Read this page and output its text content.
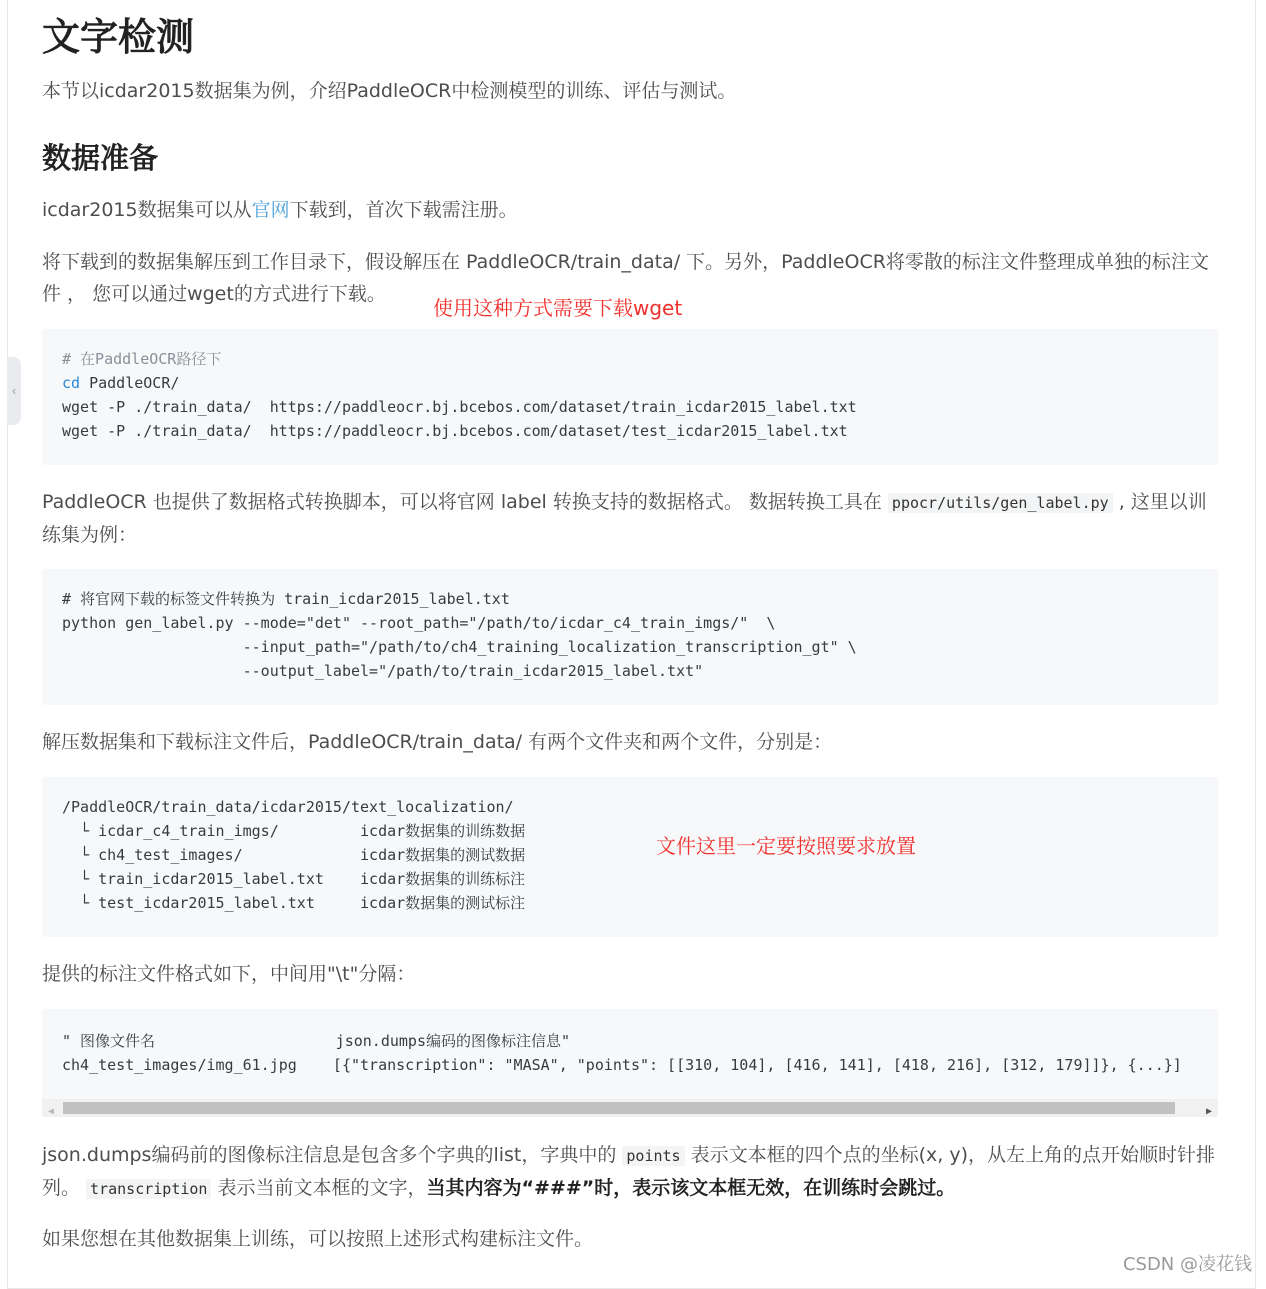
‹
文字检测
本节以icdar2015数据集为例，介绍PaddleOCR中检测模型的训练、评估与测试。
数据准备
icdar2015数据集可以从官网下载到，首次下载需注册。
将下载到的数据集解压到工作目录下，假设解压在 PaddleOCR/train_data/ 下。另外，PaddleOCR将零散的标注文件整理成单独的标注文件 ， 您可以通过wget的方式进行下载。
使用这种方式需要下载wget
# 在PaddleOCR路径下
cd PaddleOCR/
wget -P ./train_data/  https://paddleocr.bj.bcebos.com/dataset/train_icdar2015_label.txt
wget -P ./train_data/  https://paddleocr.bj.bcebos.com/dataset/test_icdar2015_label.txt
PaddleOCR 也提供了数据格式转换脚本，可以将官网 label 转换支持的数据格式。 数据转换工具在 ppocr/utils/gen_label.py , 这里以训练集为例：
# 将官网下载的标签文件转换为 train_icdar2015_label.txt
python gen_label.py --mode="det" --root_path="/path/to/icdar_c4_train_imgs/"  \
--input_path="/path/to/ch4_training_localization_transcription_gt" \
--output_label="/path/to/train_icdar2015_label.txt"
解压数据集和下载标注文件后，PaddleOCR/train_data/ 有两个文件夹和两个文件，分别是：
/PaddleOCR/train_data/icdar2015/text_localization/
└ icdar_c4_train_imgs/         icdar数据集的训练数据
└ ch4_test_images/             icdar数据集的测试数据
└ train_icdar2015_label.txt    icdar数据集的训练标注
└ test_icdar2015_label.txt     icdar数据集的测试标注
文件这里一定要按照要求放置
提供的标注文件格式如下，中间用"\t"分隔：
" 图像文件名                    json.dumps编码的图像标注信息"
ch4_test_images/img_61.jpg    [{"transcription": "MASA", "points": [[310, 104], [416, 141], [418, 216], [312, 179]]}, {...}]
◀	▶
json.dumps编码前的图像标注信息是包含多个字典的list，字典中的 points 表示文本框的四个点的坐标(x, y)，从左上角的点开始顺时针排列。 transcription 表示当前文本框的文字，当其内容为“###”时，表示该文本框无效，在训练时会跳过。
如果您想在其他数据集上训练，可以按照上述形式构建标注文件。
CSDN @凌花钱
